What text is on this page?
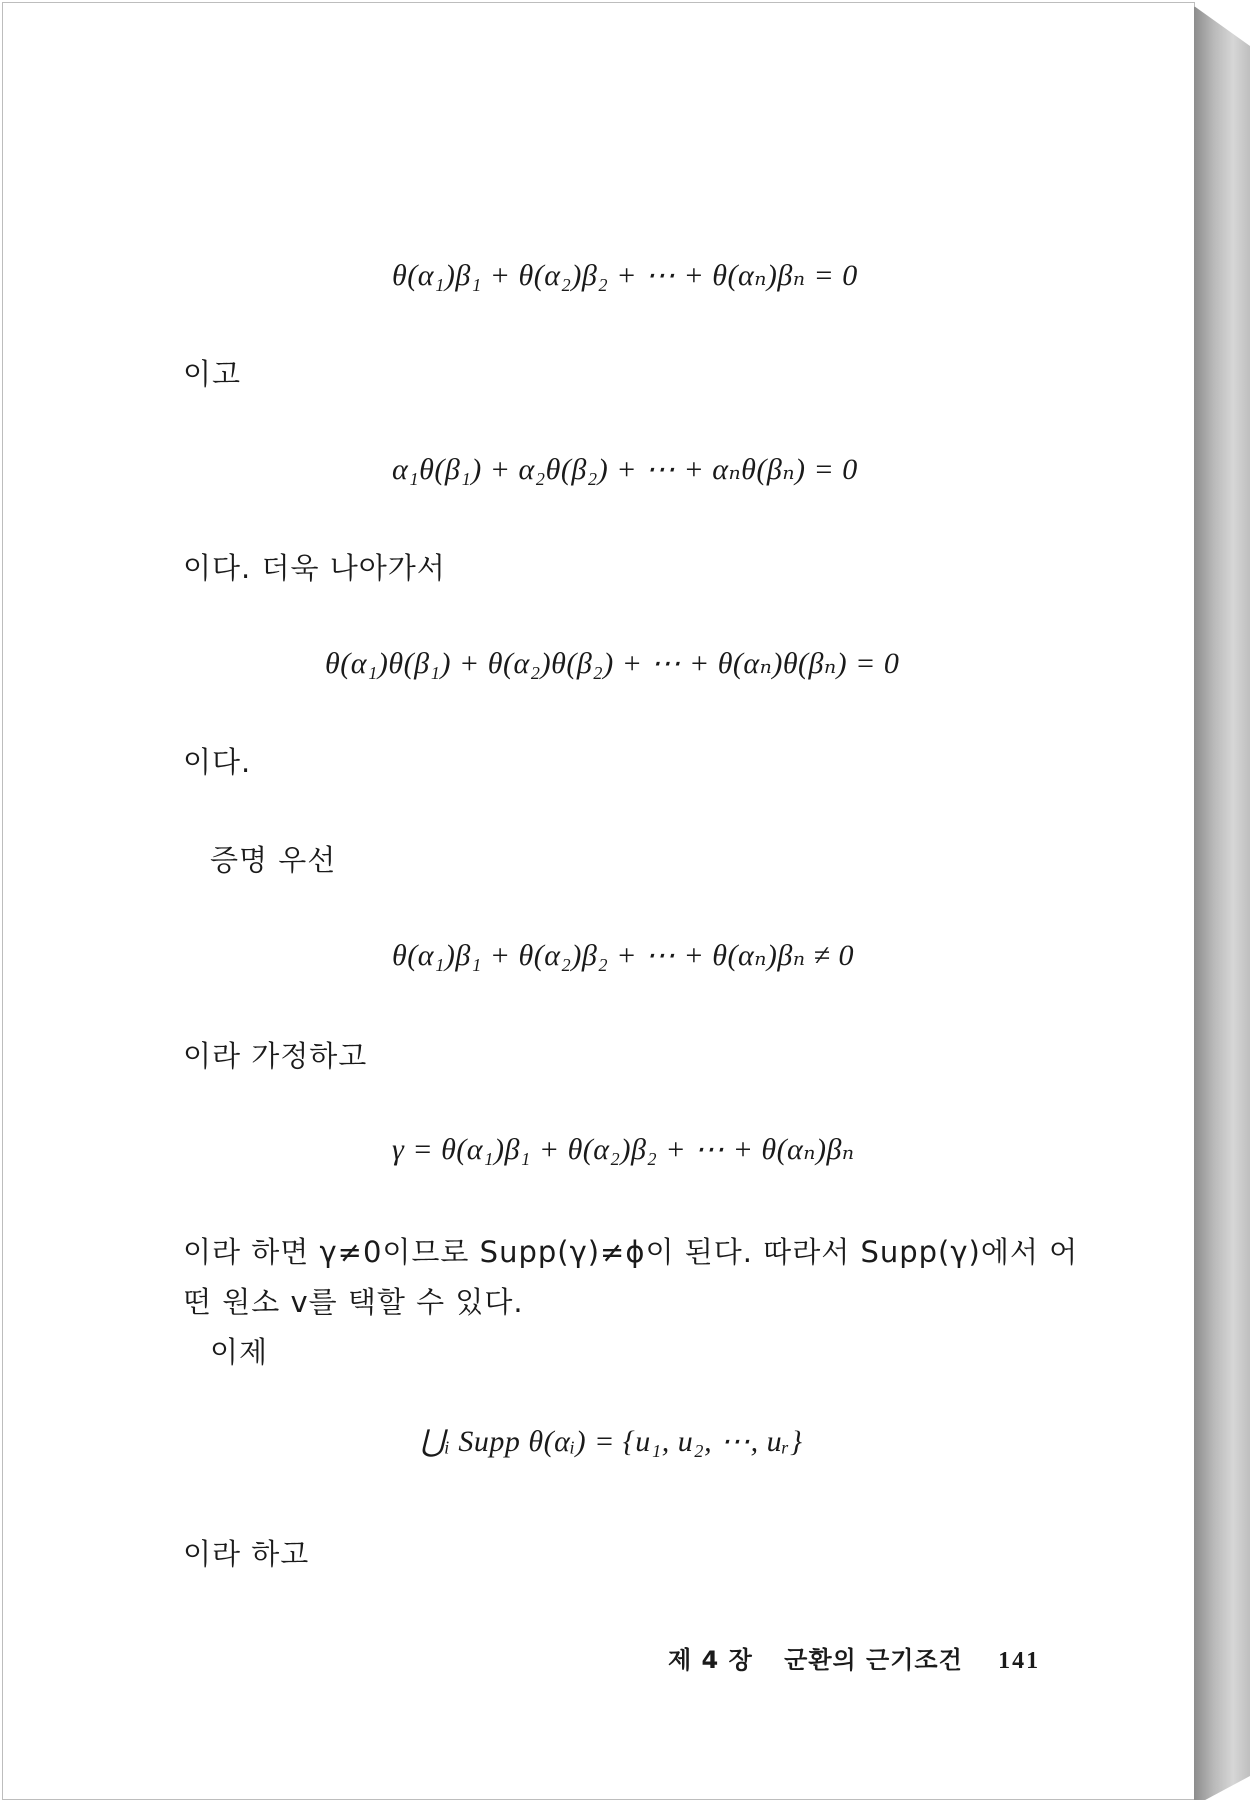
θ(α₁)β₁ + θ(α₂)β₂ + ⋯ + θ(αₙ)βₙ = 0
이고
α₁θ(β₁) + α₂θ(β₂) + ⋯ + αₙθ(βₙ) = 0
이다. 더욱 나아가서
θ(α₁)θ(β₁) + θ(α₂)θ(β₂) + ⋯ + θ(αₙ)θ(βₙ) = 0
이다.
증명 우선
θ(α₁)β₁ + θ(α₂)β₂ + ⋯ + θ(αₙ)βₙ ≠ 0
이라 가정하고
γ = θ(α₁)β₁ + θ(α₂)β₂ + ⋯ + θ(αₙ)βₙ
이라 하면 γ≠0이므로 Supp(γ)≠ϕ이 된다. 따라서 Supp(γ)에서 어
떤 원소 v를 택할 수 있다.
이제
⋃ᵢ Supp θ(αᵢ) = {u₁, u₂, ⋯, uᵣ}
이라 하고
제 4 장 군환의 근기조건 141
